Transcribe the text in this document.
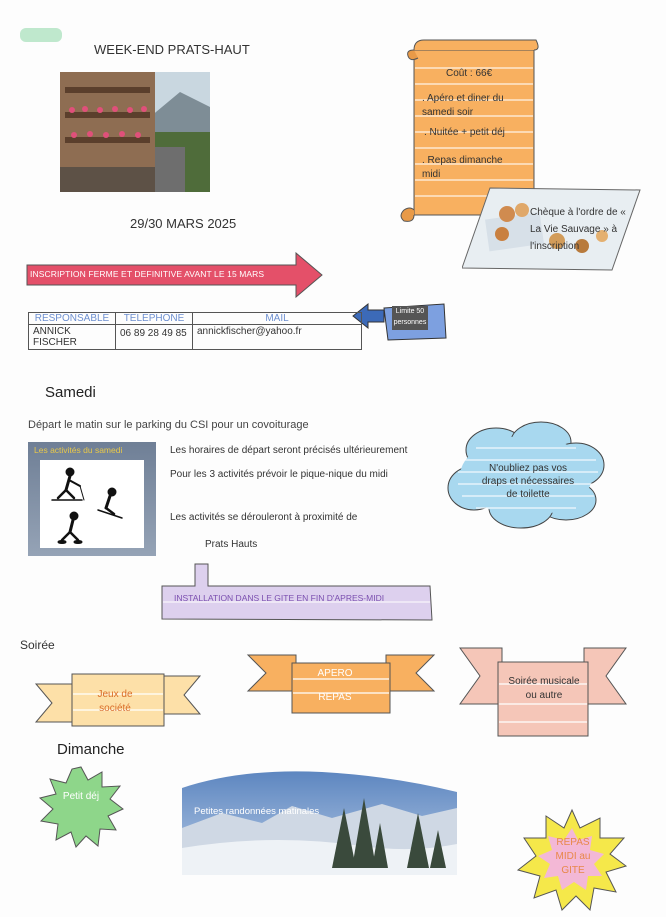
WEEK-END PRATS-HAUT
29/30 MARS 2025
Coût : 66€
. Apéro et diner du samedi soir
. Nuitée + petit déj
. Repas dimanche midi
Chèque à l'ordre de « La Vie Sauvage » à l'inscription
INSCRIPTION FERME ET DEFINITIVE AVANT LE 15 MARS
Limite 50 personnes
RESPONSABLE	TELEPHONE	MAIL
ANNICK FISCHER	06 89 28 49 85	annickfischer@yahoo.fr
Samedi
Départ le matin sur le parking du CSI pour un covoiturage
Les activités du samedi	Les horaires de départ seront précisés ultérieurement
Pour les 3 activités prévoir le pique-nique du midi
Les activités se dérouleront à proximité de
Prats Hauts
N'oubliez pas vos draps et nécessaires de toilette
INSTALLATION DANS LE GITE EN FIN D'APRES-MIDI
Soirée
Jeux de société
APERO
REPAS
Soirée musicale ou autre
Dimanche
Petit déj
Petites randonnées matinales
REPAS MIDI au GITE
